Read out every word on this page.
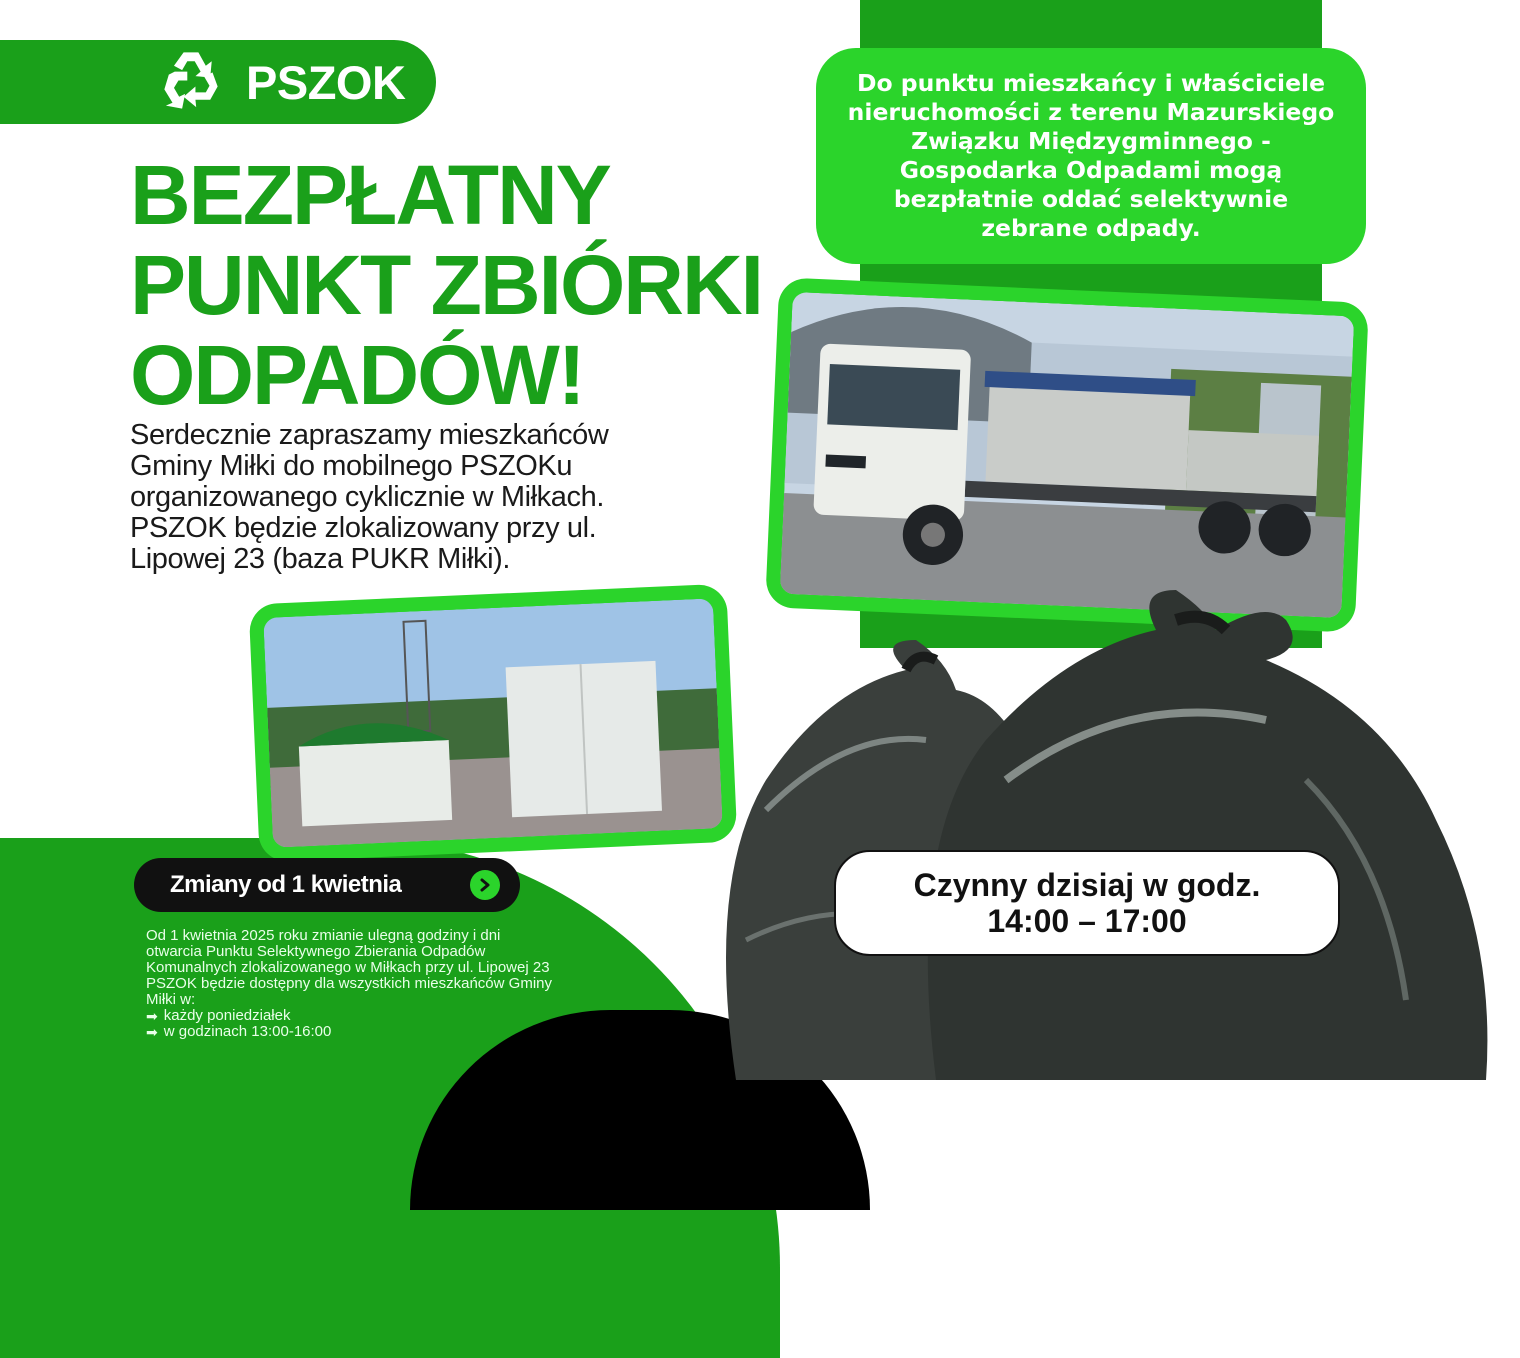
PSZOK
BEZPŁATNY
PUNKT ZBIÓRKI
ODPADÓW!
Serdecznie zapraszamy mieszkańców
Gminy Miłki do mobilnego PSZOKu
organizowanego cyklicznie w Miłkach.
PSZOK będzie zlokalizowany przy ul.
Lipowej 23 (baza PUKR Miłki).
Do punktu mieszkańcy i właściciele
nieruchomości z terenu Mazurskiego
Związku Międzygminnego -
Gospodarka Odpadami mogą
bezpłatnie oddać selektywnie
zebrane odpady.
Zmiany od 1 kwietnia
Od 1 kwietnia 2025 roku zmianie ulegną godziny i dni
otwarcia Punktu Selektywnego Zbierania Odpadów
Komunalnych zlokalizowanego w Miłkach przy ul. Lipowej 23
PSZOK będzie dostępny dla wszystkich mieszkańców Gminy
Miłki w:
➡ każdy poniedziałek
➡ w godzinach 13:00-16:00
Czynny dzisiaj w godz.
14:00 – 17:00
